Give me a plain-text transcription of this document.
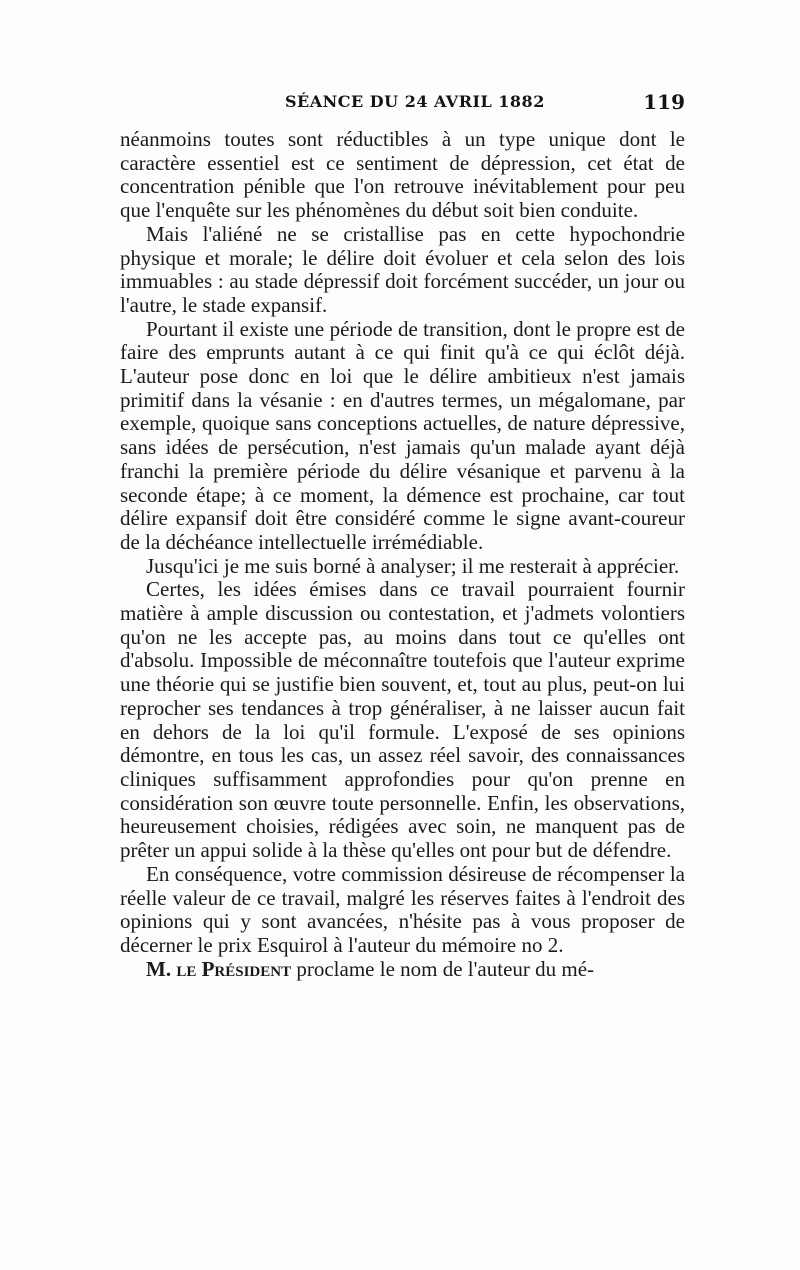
SÉANCE DU 24 AVRIL 1882	119

néanmoins toutes sont réductibles à un type unique dont le caractère essentiel est ce sentiment de dépression, cet état de concentration pénible que l'on retrouve inévitablement pour peu que l'enquête sur les phénomènes du début soit bien conduite.

Mais l'aliéné ne se cristallise pas en cette hypochondrie physique et morale; le délire doit évoluer et cela selon des lois immuables : au stade dépressif doit forcément succéder, un jour ou l'autre, le stade expansif.

Pourtant il existe une période de transition, dont le propre est de faire des emprunts autant à ce qui finit qu'à ce qui éclôt déjà. L'auteur pose donc en loi que le délire ambitieux n'est jamais primitif dans la vésanie : en d'autres termes, un mégalomane, par exemple, quoique sans conceptions actuelles, de nature dépressive, sans idées de persécution, n'est jamais qu'un malade ayant déjà franchi la première période du délire vésanique et parvenu à la seconde étape; à ce moment, la démence est prochaine, car tout délire expansif doit être considéré comme le signe avant-coureur de la déchéance intellectuelle irrémédiable.

Jusqu'ici je me suis borné à analyser; il me resterait à apprécier.

Certes, les idées émises dans ce travail pourraient fournir matière à ample discussion ou contestation, et j'admets volontiers qu'on ne les accepte pas, au moins dans tout ce qu'elles ont d'absolu. Impossible de méconnaître toutefois que l'auteur exprime une théorie qui se justifie bien souvent, et, tout au plus, peut-on lui reprocher ses tendances à trop généraliser, à ne laisser aucun fait en dehors de la loi qu'il formule. L'exposé de ses opinions démontre, en tous les cas, un assez réel savoir, des connaissances cliniques suffisamment approfondies pour qu'on prenne en considération son œuvre toute personnelle. Enfin, les observations, heureusement choisies, rédigées avec soin, ne manquent pas de prêter un appui solide à la thèse qu'elles ont pour but de défendre.

En conséquence, votre commission désireuse de récompenser la réelle valeur de ce travail, malgré les réserves faites à l'endroit des opinions qui y sont avancées, n'hésite pas à vous proposer de décerner le prix Esquirol à l'auteur du mémoire no 2.

M. le Président proclame le nom de l'auteur du mé-
